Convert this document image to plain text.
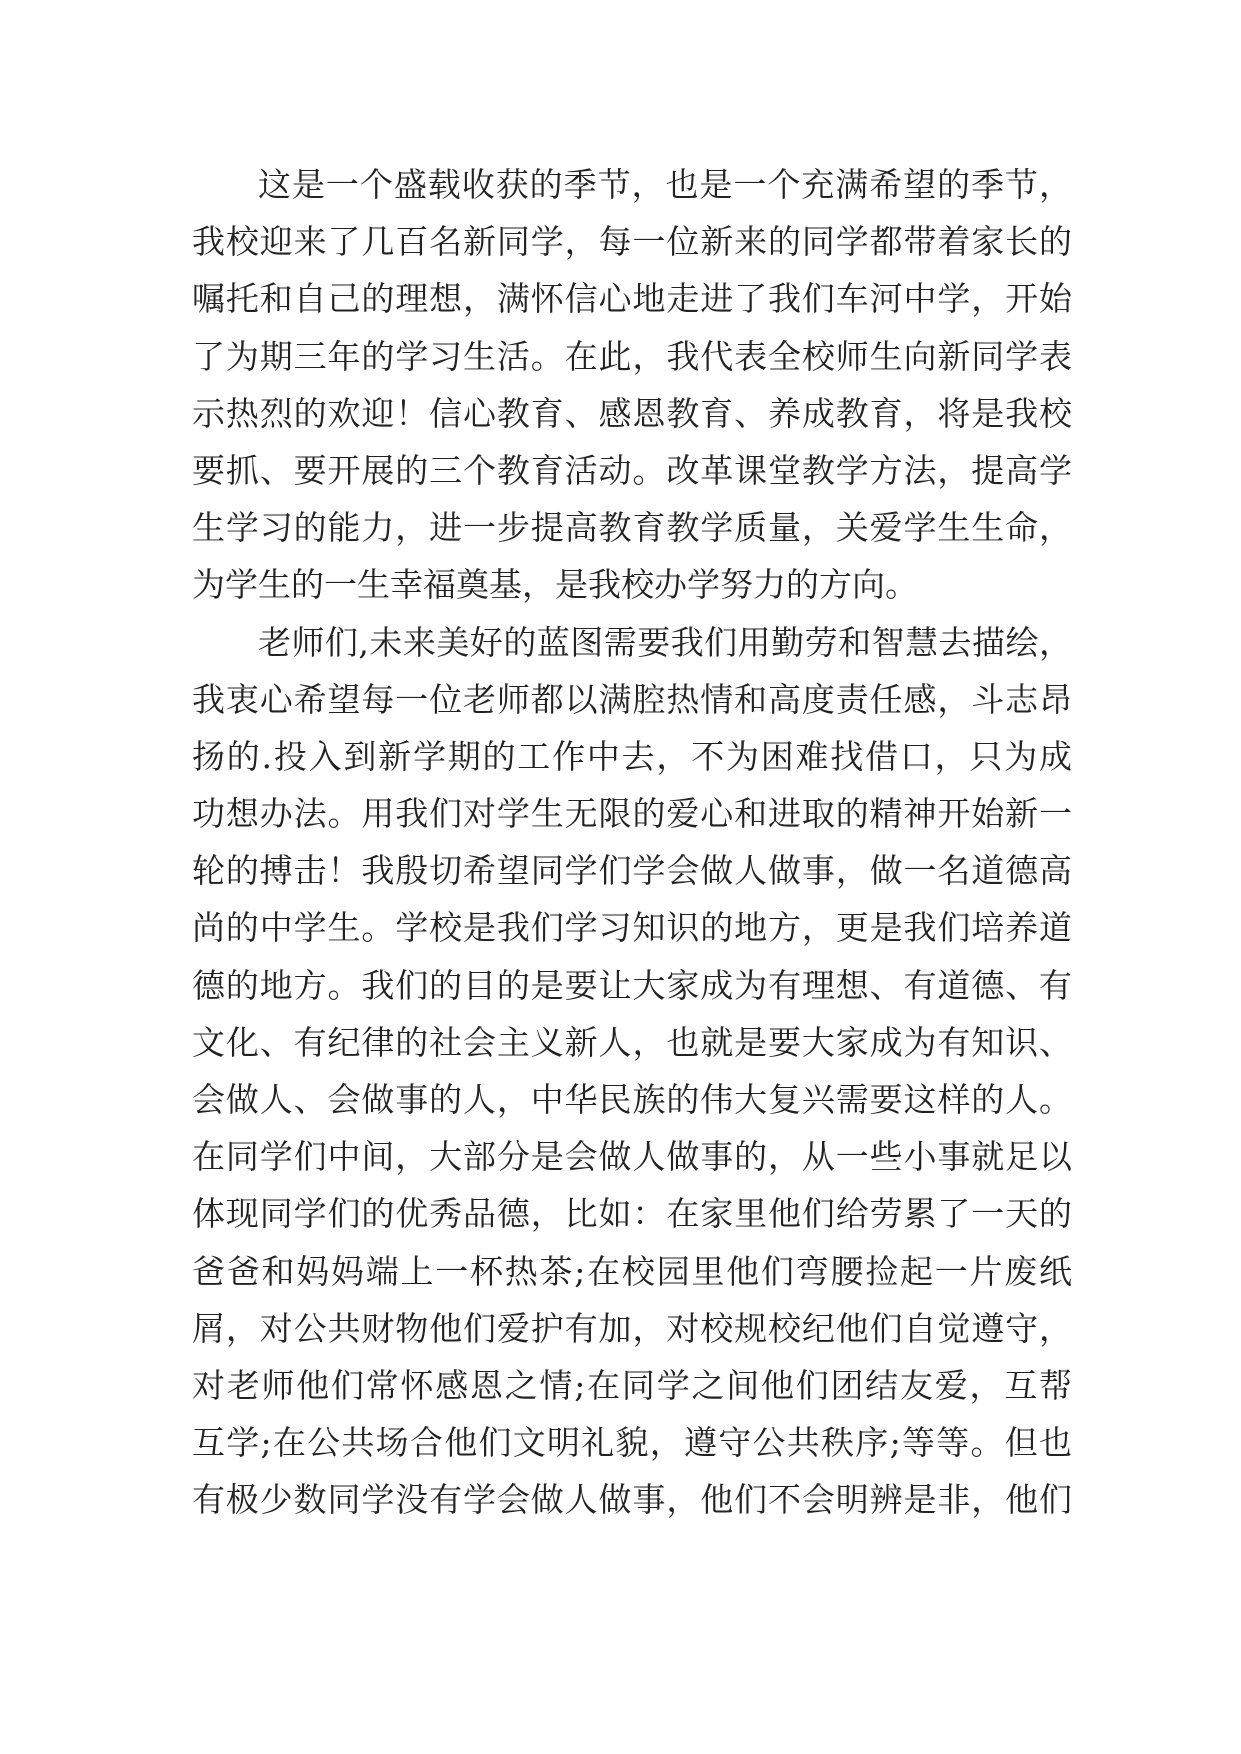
这是一个盛载收获的季节，也是一个充满希望的季节，
我校迎来了几百名新同学，每一位新来的同学都带着家长的
嘱托和自己的理想，满怀信心地走进了我们车河中学，开始
了为期三年的学习生活。在此，我代表全校师生向新同学表
示热烈的欢迎！信心教育、感恩教育、养成教育，将是我校
要抓、要开展的三个教育活动。改革课堂教学方法，提高学
生学习的能力，进一步提高教育教学质量，关爱学生生命，
为学生的一生幸福奠基，是我校办学努力的方向。
老师们,未来美好的蓝图需要我们用勤劳和智慧去描绘，
我衷心希望每一位老师都以满腔热情和高度责任感，斗志昂
扬的.投入到新学期的工作中去，不为困难找借口，只为成
功想办法。用我们对学生无限的爱心和进取的精神开始新一
轮的搏击！我殷切希望同学们学会做人做事，做一名道德高
尚的中学生。学校是我们学习知识的地方，更是我们培养道
德的地方。我们的目的是要让大家成为有理想、有道德、有
文化、有纪律的社会主义新人，也就是要大家成为有知识、
会做人、会做事的人，中华民族的伟大复兴需要这样的人。
在同学们中间，大部分是会做人做事的，从一些小事就足以
体现同学们的优秀品德，比如：在家里他们给劳累了一天的
爸爸和妈妈端上一杯热茶;在校园里他们弯腰捡起一片废纸
屑，对公共财物他们爱护有加，对校规校纪他们自觉遵守，
对老师他们常怀感恩之情;在同学之间他们团结友爱，互帮
互学;在公共场合他们文明礼貌，遵守公共秩序;等等。但也
有极少数同学没有学会做人做事，他们不会明辨是非，他们
